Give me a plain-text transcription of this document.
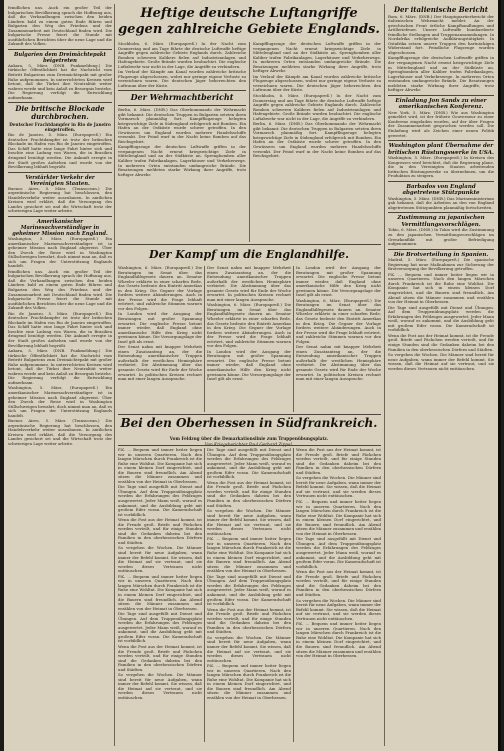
feindlichen uns. Auch ein großer Teil der bulgarischen Bevölkerung sprach die Hoffnung aus, daß die Verhandlungen zwischen den beiden Ländern bald zu einem guten Ende führen und Bulgarien den Weg des Friedens und der Zusammenarbeit mit Deutschland finden wird. Die bulgarische Presse feiert die Stunde mit ausführlichen Berichten über die neue Lage und die Zukunft des Volkes.

Bulgarien dem Dreimächtepakt beigetreten

Ankara, 5. März. (DNB. Funkmeldung.) Die türkische Öffentlichkeit hat die Nachricht vom Beitritt Bulgariens zum Dreimächtepakt mit großer Ruhe aufgenommen. In unterrichteten Kreisen wird betont, daß die Türkei ihre Neutralität weiter wahren werde und kein Anlaß zu Besorgnis bestehe. Die Regierung verfolgt die Entwicklung aufmerksam.

Die britische Blockade durchbrochen.

Deutscher Frachtdampfer in Rio de Janeiro eingetroffen.

Rio de Janeiro, 5. März. (Europapreß.) Ein deutscher Frachtdampfer ist trotz der britischen Blockade im Hafen von Rio de Janeiro eingetroffen. Das Schiff hatte eine lange Fahrt hinter sich und brachte eine Ladung von Waren, die in Brasilien dringend benötigt werden. Die Ankunft erregte in der Stadt großes Aufsehen und wurde von der Bevölkerung lebhaft begrüßt.

Verstärkter Verkehr der Vereinigten Staaten.

Buenos Aires, 5. März. (Transocean.) Die argentinische Regierung hat beschlossen, den Handelsverkehr weiter auszubauen. In amtlichen Kreisen wird erklärt, daß die Versorgung des Landes gesichert sei und die Wirtschaft trotz der schwierigen Lage weiter arbeite.

Amerikanischer Marinesachverständiger in geheimer Mission nach England.

Washington, 5. März. (Europapreß.) Ein amerikanischer Marinesachverständiger ist in geheimer Mission nach England abgereist. Über den Zweck der Reise wird in Washington Stillschweigen bewahrt, doch nimmt man an, daß es sich um Fragen der Unterstützung Englands handelt.

feindlichen uns. Auch ein großer Teil der bulgarischen Bevölkerung sprach die Hoffnung aus, daß die Verhandlungen zwischen den beiden Ländern bald zu einem guten Ende führen und Bulgarien den Weg des Friedens und der Zusammenarbeit mit Deutschland finden wird. Die bulgarische Presse feiert die Stunde mit ausführlichen Berichten über die neue Lage und die Zukunft des Volkes.

Rio de Janeiro, 5. März. (Europapreß.) Ein deutscher Frachtdampfer ist trotz der britischen Blockade im Hafen von Rio de Janeiro eingetroffen. Das Schiff hatte eine lange Fahrt hinter sich und brachte eine Ladung von Waren, die in Brasilien dringend benötigt werden. Die Ankunft erregte in der Stadt großes Aufsehen und wurde von der Bevölkerung lebhaft begrüßt.

Ankara, 5. März. (DNB. Funkmeldung.) Die türkische Öffentlichkeit hat die Nachricht vom Beitritt Bulgariens zum Dreimächtepakt mit großer Ruhe aufgenommen. In unterrichteten Kreisen wird betont, daß die Türkei ihre Neutralität weiter wahren werde und kein Anlaß zu Besorgnis bestehe. Die Regierung verfolgt die Entwicklung aufmerksam.

Washington, 5. März. (Europapreß.) Ein amerikanischer Marinesachverständiger ist in geheimer Mission nach England abgereist. Über den Zweck der Reise wird in Washington Stillschweigen bewahrt, doch nimmt man an, daß es sich um Fragen der Unterstützung Englands handelt.

Buenos Aires, 5. März. (Transocean.) Die argentinische Regierung hat beschlossen, den Handelsverkehr weiter auszubauen. In amtlichen Kreisen wird erklärt, daß die Versorgung des Landes gesichert sei und die Wirtschaft trotz der schwierigen Lage weiter arbeite.

Heftige deutsche Luftangriffe

gegen zahlreiche Gebiete Englands.

Stockholm, 6. März. (Europapreß.) In der Nacht zum Donnerstag und am Tage führte die deutsche Luftwaffe heftige Angriffe gegen zahlreiche Gebiete Englands durch. Zahlreiche Bomben schweren Kalibers fielen auf Industrieanlagen und Hafengebiete. Große Brände wurden beobachtet. Die englische Luftabwehr war nicht in der Lage, die Angriffe zu verhindern.

Im Verlauf der Kämpfe am Kanal wurden zahlreiche britische Flugzeuge abgeschossen, wobei nur geringe eigene Verluste zu verzeichnen waren. Die deutschen Jäger beherrschten den Luftraum über der Küste.

Der Wehrmachtbericht

Berlin, 6. März. (DNB.) Das Oberkommando der Wehrmacht gibt bekannt: Die deutschen Truppen in Bulgarien setzten ihren Vormarsch planmäßig fort. Kampfflugzeuge belegten kriegswichtige Ziele in Südengland erfolgreich mit Bomben. Ein Hafen an der Ostküste wurde schwer getroffen. In den Gewässern um England wurden mehrere Handelsschiffe versenkt. Der Feind warf in der Nacht keine Bomben auf das Reichsgebiet.

Kampfflugzeuge der deutschen Luftwaffe griffen in der vergangenen Nacht erneut kriegswichtige Ziele in Mittelengland und an der Südküste an. Sprengbomben aller Kaliber trafen Fabrikanlagen, Lagerhäuser und Verkehrswege. In mehreren Orten entstanden umfangreiche Brände. Die Besatzungen meldeten starke Wirkung ihrer Angriffe, trotz heftiger Abwehr.

Kampfflugzeuge der deutschen Luftwaffe griffen in der vergangenen Nacht erneut kriegswichtige Ziele in Mittelengland und an der Südküste an. Sprengbomben aller Kaliber trafen Fabrikanlagen, Lagerhäuser und Verkehrswege. In mehreren Orten entstanden umfangreiche Brände. Die Besatzungen meldeten starke Wirkung ihrer Angriffe, trotz heftiger Abwehr.

Im Verlauf der Kämpfe am Kanal wurden zahlreiche britische Flugzeuge abgeschossen, wobei nur geringe eigene Verluste zu verzeichnen waren. Die deutschen Jäger beherrschten den Luftraum über der Küste.

Stockholm, 6. März. (Europapreß.) In der Nacht zum Donnerstag und am Tage führte die deutsche Luftwaffe heftige Angriffe gegen zahlreiche Gebiete Englands durch. Zahlreiche Bomben schweren Kalibers fielen auf Industrieanlagen und Hafengebiete. Große Brände wurden beobachtet. Die englische Luftabwehr war nicht in der Lage, die Angriffe zu verhindern.

Berlin, 6. März. (DNB.) Das Oberkommando der Wehrmacht gibt bekannt: Die deutschen Truppen in Bulgarien setzten ihren Vormarsch planmäßig fort. Kampfflugzeuge belegten kriegswichtige Ziele in Südengland erfolgreich mit Bomben. Ein Hafen an der Ostküste wurde schwer getroffen. In den Gewässern um England wurden mehrere Handelsschiffe versenkt. Der Feind warf in der Nacht keine Bomben auf das Reichsgebiet.

Der Kampf um die Englandhilfe.

Washington, 6. März. (Europapreß.) Die Beratungen im Senat über das Englandhilfegesetz dauern an. Senator Wheeler erklärte in einer scharfen Rede, das Gesetz bedeute den Eintritt Amerikas in den Krieg. Die Gegner der Vorlage fordern weitere Abänderungen. Auch in der Presse wird die Frage lebhaft erörtert, und zahlreiche Stimmen warnen vor den Folgen.

In London wird der Ausgang der Beratungen mit großer Spannung erwartet. Die englische Presse betont immer wieder, daß England ohne amerikanische Hilfe den Krieg nicht gewinnen könne. Die Versorgungslage der Insel gilt als ernst.

Der Senat nahm mit knapper Mehrheit einen Zusatzantrag an, der die Entsendung amerikanischer Truppen außerhalb der westlichen Hemisphäre verbietet. Die Abstimmung über das gesamte Gesetz wird für Ende der Woche erwartet. In politischen Kreisen rechnet man mit einer langen Aussprache.

Der Senat nahm mit knapper Mehrheit einen Zusatzantrag an, der die Entsendung amerikanischer Truppen außerhalb der westlichen Hemisphäre verbietet. Die Abstimmung über das gesamte Gesetz wird für Ende der Woche erwartet. In politischen Kreisen rechnet man mit einer langen Aussprache.

Washington, 6. März. (Europapreß.) Die Beratungen im Senat über das Englandhilfegesetz dauern an. Senator Wheeler erklärte in einer scharfen Rede, das Gesetz bedeute den Eintritt Amerikas in den Krieg. Die Gegner der Vorlage fordern weitere Abänderungen. Auch in der Presse wird die Frage lebhaft erörtert, und zahlreiche Stimmen warnen vor den Folgen.

In London wird der Ausgang der Beratungen mit großer Spannung erwartet. Die englische Presse betont immer wieder, daß England ohne amerikanische Hilfe den Krieg nicht gewinnen könne. Die Versorgungslage der Insel gilt als ernst.

In London wird der Ausgang der Beratungen mit großer Spannung erwartet. Die englische Presse betont immer wieder, daß England ohne amerikanische Hilfe den Krieg nicht gewinnen könne. Die Versorgungslage der Insel gilt als ernst.

Washington, 6. März. (Europapreß.) Die Beratungen im Senat über das Englandhilfegesetz dauern an. Senator Wheeler erklärte in einer scharfen Rede, das Gesetz bedeute den Eintritt Amerikas in den Krieg. Die Gegner der Vorlage fordern weitere Abänderungen. Auch in der Presse wird die Frage lebhaft erörtert, und zahlreiche Stimmen warnen vor den Folgen.

Der Senat nahm mit knapper Mehrheit einen Zusatzantrag an, der die Entsendung amerikanischer Truppen außerhalb der westlichen Hemisphäre verbietet. Die Abstimmung über das gesamte Gesetz wird für Ende der Woche erwartet. In politischen Kreisen rechnet man mit einer langen Aussprache.

Bei den Oberhessen in Südfrankreich.

Vom Feldzug über die Demarkationslinie zum Truppenübungsplatz.

Von Kriegsberichter Paul Gerhard Zippel.

P.K. ... Bequem und immer heiter liegen wir in unseren Quartieren. Nach den langen Märschen durch Frankreich ist die Ruhe eine Wohltat. Die Kompanie hat sich in einem kleinen Dorf eingerichtet, und die Bauern sind freundlich. Am Abend sitzen die Männer zusammen und erzählen von der Heimat in Oberhessen.

Die Tage sind ausgefüllt mit Dienst und Übungen. Auf dem Truppenübungsplatz werden die Erfahrungen des Feldzuges ausgewertet. Jeder Mann weiß, worauf es ankommt, und die Ausbildung geht mit großem Eifer voran. Die Kameradschaft ist vorbildlich.

Wenn die Post aus der Heimat kommt, ist die Freude groß. Briefe und Päckchen werden verteilt, und für einige Stunden sind die Gedanken daheim bei den Familien in den oberhessischen Dörfern und Städten.

So vergehen die Wochen. Die Männer sind bereit für neue Aufgaben, wann immer der Befehl kommt. Sie wissen, daß die Heimat auf sie vertraut, und sie werden dieses Vertrauen nicht enttäuschen.

P.K. ... Bequem und immer heiter liegen wir in unseren Quartieren. Nach den langen Märschen durch Frankreich ist die Ruhe eine Wohltat. Die Kompanie hat sich in einem kleinen Dorf eingerichtet, und die Bauern sind freundlich. Am Abend sitzen die Männer zusammen und erzählen von der Heimat in Oberhessen.

Die Tage sind ausgefüllt mit Dienst und Übungen. Auf dem Truppenübungsplatz werden die Erfahrungen des Feldzuges ausgewertet. Jeder Mann weiß, worauf es ankommt, und die Ausbildung geht mit großem Eifer voran. Die Kameradschaft ist vorbildlich.

Wenn die Post aus der Heimat kommt, ist die Freude groß. Briefe und Päckchen werden verteilt, und für einige Stunden sind die Gedanken daheim bei den Familien in den oberhessischen Dörfern und Städten.

So vergehen die Wochen. Die Männer sind bereit für neue Aufgaben, wann immer der Befehl kommt. Sie wissen, daß die Heimat auf sie vertraut, und sie werden dieses Vertrauen nicht enttäuschen.

Die Tage sind ausgefüllt mit Dienst und Übungen. Auf dem Truppenübungsplatz werden die Erfahrungen des Feldzuges ausgewertet. Jeder Mann weiß, worauf es ankommt, und die Ausbildung geht mit großem Eifer voran. Die Kameradschaft ist vorbildlich.

Wenn die Post aus der Heimat kommt, ist die Freude groß. Briefe und Päckchen werden verteilt, und für einige Stunden sind die Gedanken daheim bei den Familien in den oberhessischen Dörfern und Städten.

So vergehen die Wochen. Die Männer sind bereit für neue Aufgaben, wann immer der Befehl kommt. Sie wissen, daß die Heimat auf sie vertraut, und sie werden dieses Vertrauen nicht enttäuschen.

P.K. ... Bequem und immer heiter liegen wir in unseren Quartieren. Nach den langen Märschen durch Frankreich ist die Ruhe eine Wohltat. Die Kompanie hat sich in einem kleinen Dorf eingerichtet, und die Bauern sind freundlich. Am Abend sitzen die Männer zusammen und erzählen von der Heimat in Oberhessen.

Die Tage sind ausgefüllt mit Dienst und Übungen. Auf dem Truppenübungsplatz werden die Erfahrungen des Feldzuges ausgewertet. Jeder Mann weiß, worauf es ankommt, und die Ausbildung geht mit großem Eifer voran. Die Kameradschaft ist vorbildlich.

Wenn die Post aus der Heimat kommt, ist die Freude groß. Briefe und Päckchen werden verteilt, und für einige Stunden sind die Gedanken daheim bei den Familien in den oberhessischen Dörfern und Städten.

So vergehen die Wochen. Die Männer sind bereit für neue Aufgaben, wann immer der Befehl kommt. Sie wissen, daß die Heimat auf sie vertraut, und sie werden dieses Vertrauen nicht enttäuschen.

P.K. ... Bequem und immer heiter liegen wir in unseren Quartieren. Nach den langen Märschen durch Frankreich ist die Ruhe eine Wohltat. Die Kompanie hat sich in einem kleinen Dorf eingerichtet, und die Bauern sind freundlich. Am Abend sitzen die Männer zusammen und erzählen von der Heimat in Oberhessen.

Wenn die Post aus der Heimat kommt, ist die Freude groß. Briefe und Päckchen werden verteilt, und für einige Stunden sind die Gedanken daheim bei den Familien in den oberhessischen Dörfern und Städten.

So vergehen die Wochen. Die Männer sind bereit für neue Aufgaben, wann immer der Befehl kommt. Sie wissen, daß die Heimat auf sie vertraut, und sie werden dieses Vertrauen nicht enttäuschen.

P.K. ... Bequem und immer heiter liegen wir in unseren Quartieren. Nach den langen Märschen durch Frankreich ist die Ruhe eine Wohltat. Die Kompanie hat sich in einem kleinen Dorf eingerichtet, und die Bauern sind freundlich. Am Abend sitzen die Männer zusammen und erzählen von der Heimat in Oberhessen.

Die Tage sind ausgefüllt mit Dienst und Übungen. Auf dem Truppenübungsplatz werden die Erfahrungen des Feldzuges ausgewertet. Jeder Mann weiß, worauf es ankommt, und die Ausbildung geht mit großem Eifer voran. Die Kameradschaft ist vorbildlich.

Wenn die Post aus der Heimat kommt, ist die Freude groß. Briefe und Päckchen werden verteilt, und für einige Stunden sind die Gedanken daheim bei den Familien in den oberhessischen Dörfern und Städten.

So vergehen die Wochen. Die Männer sind bereit für neue Aufgaben, wann immer der Befehl kommt. Sie wissen, daß die Heimat auf sie vertraut, und sie werden dieses Vertrauen nicht enttäuschen.

P.K. ... Bequem und immer heiter liegen wir in unseren Quartieren. Nach den langen Märschen durch Frankreich ist die Ruhe eine Wohltat. Die Kompanie hat sich in einem kleinen Dorf eingerichtet, und die Bauern sind freundlich. Am Abend sitzen die Männer zusammen und erzählen von der Heimat in Oberhessen.

Der italienische Bericht

Rom, 6. März. (DNB.) Der Hauptquartierbericht der italienischen Wehrmacht meldet: An der griechischen Front örtliche Kampfhandlungen und Artilleriefeuer. Unsere Luftwaffe bombardierte feindliche Stellungen und Truppenansammlungen. In Nordafrika erfolgreiche Aufklärungstätigkeit. In Ostafrika setzen unsere Truppen den hartnäckigen Widerstand fort. Feindliche Flugzeuge wurden abgeschossen.

Kampfflugzeuge der deutschen Luftwaffe griffen in der vergangenen Nacht erneut kriegswichtige Ziele in Mittelengland und an der Südküste an. Sprengbomben aller Kaliber trafen Fabrikanlagen, Lagerhäuser und Verkehrswege. In mehreren Orten entstanden umfangreiche Brände. Die Besatzungen meldeten starke Wirkung ihrer Angriffe, trotz heftiger Abwehr.

Einladung Jon Sands zu einer amerikanischen Konferenz.

New York, 5. März. (DNB.) Wie aus Washington gemeldet wird, ist der frühere Gouverneur zu einer Konferenz eingeladen worden, auf der über Fragen der Zusammenarbeit gesprochen werden soll. Die Einladung wird als Zeichen einer neuen Politik gewertet.

Washington plant Übernahme der britischen Rüstungswerke in USA.

Washington, 5. März. (Europapreß.) In Kreisen des Kongresses wird berichtet, daß die Regierung plane, die in den Vereinigten Staaten arbeitenden britischen Rüstungswerke zu übernehmen, um die Produktion zu steigern.

Barbados von England abgetretene Stützpunkte

Washington, 5. März. (DNB.) Das Marineministerium gab bekannt, daß die Arbeiten an den von England abgetretenen Stützpunkten planmäßig fortschreiten.

Zustimmung zu japanischen Vermittlungsvorschlägen.

Tokio, 6. März. (DNB.) In Tokio wird die Zustimmung zu den japanischen Vermittlungsvorschlägen im Grenzkonflikt mit großer Befriedigung aufgenommen.

Die Brotverteilung in Spanien.

Madrid, 5. März. (Europapreß.) Die spanische Regierung hat neue Maßnahmen zur Sicherung der Brotversorgung der Bevölkerung getroffen.

P.K. ... Bequem und immer heiter liegen wir in unseren Quartieren. Nach den langen Märschen durch Frankreich ist die Ruhe eine Wohltat. Die Kompanie hat sich in einem kleinen Dorf eingerichtet, und die Bauern sind freundlich. Am Abend sitzen die Männer zusammen und erzählen von der Heimat in Oberhessen.

Die Tage sind ausgefüllt mit Dienst und Übungen. Auf dem Truppenübungsplatz werden die Erfahrungen des Feldzuges ausgewertet. Jeder Mann weiß, worauf es ankommt, und die Ausbildung geht mit großem Eifer voran. Die Kameradschaft ist vorbildlich.

Wenn die Post aus der Heimat kommt, ist die Freude groß. Briefe und Päckchen werden verteilt, und für einige Stunden sind die Gedanken daheim bei den Familien in den oberhessischen Dörfern und Städten.

So vergehen die Wochen. Die Männer sind bereit für neue Aufgaben, wann immer der Befehl kommt. Sie wissen, daß die Heimat auf sie vertraut, und sie werden dieses Vertrauen nicht enttäuschen.
